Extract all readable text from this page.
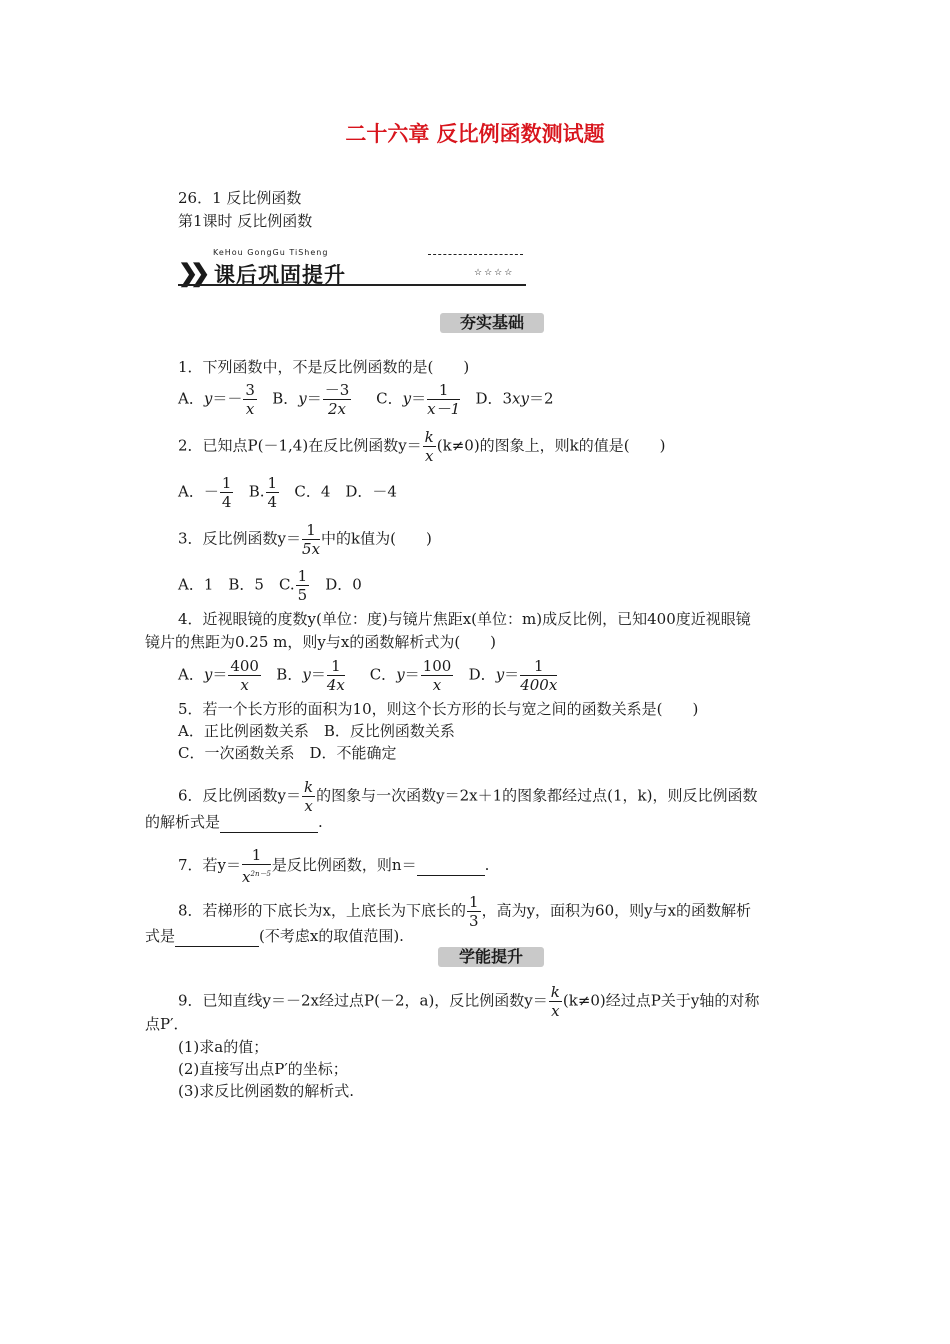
二十六章 反比例函数测试题
26．1 反比例函数
第1课时 反比例函数
KeHou GongGu TiSheng
❯❯ 课后巩固提升	☆☆☆☆
夯实基础
1．下列函数中，不是反比例函数的是(　　)
A．$y=- \frac{3}{x}$ B．$y= \frac{-3}{2x}$ C．$y= \frac{1}{x-1}$ D．3xy＝2
2．已知点P(－1,4)在反比例函数$y= \frac{k}{x} (k\ne 0)$的图象上，则k的值是(　　)
A．－ $\frac{1}{4} B$. $\frac{1}{4}$ C．4　D．－4
3．反比例函数$y= \frac{1}{5x}$ 中的k值为(　　)
A．1　B．5　C. $\frac{1}{5}$ 　D．0
4．近视眼镜的度数y(单位：度)与镜片焦距x(单位：m)成反比例，已知400度近视眼镜
镜片的焦距为0.25 m，则y与x的函数解析式为(　　)
A．$y= \frac{400}{x}$ B．$y= \frac{1}{4x}$ C．$y= \frac{100}{x}$ D．$y= \frac{1}{400x}$
5．若一个长方形的面积为10，则这个长方形的长与宽之间的函数关系是(　　)
A．正比例函数关系　B．反比例函数关系
C．一次函数关系　D．不能确定
6．反比例函数$y= \frac{k}{x}$ 的图象与一次函数y＝2x＋1的图象都经过点(1，k)，则反比例函数
的解析式是	.
7．若$y= \frac{1}{x^{2n-5}}$ 是反比例函数，则n＝	.
8．若梯形的下底长为x，上底长为下底长的 $\frac{1}{3}$ ，高为y，面积为60，则y与x的函数解析
式是	(不考虑x的取值范围).
学能提升
9．已知直线y＝－2x经过点P(－2，a)，反比例函数$y= \frac{k}{x} (k\ne 0)$经过点P关于y轴的对称
点P′．
(1)求a的值；
(2)直接写出点P′的坐标；
(3)求反比例函数的解析式.
